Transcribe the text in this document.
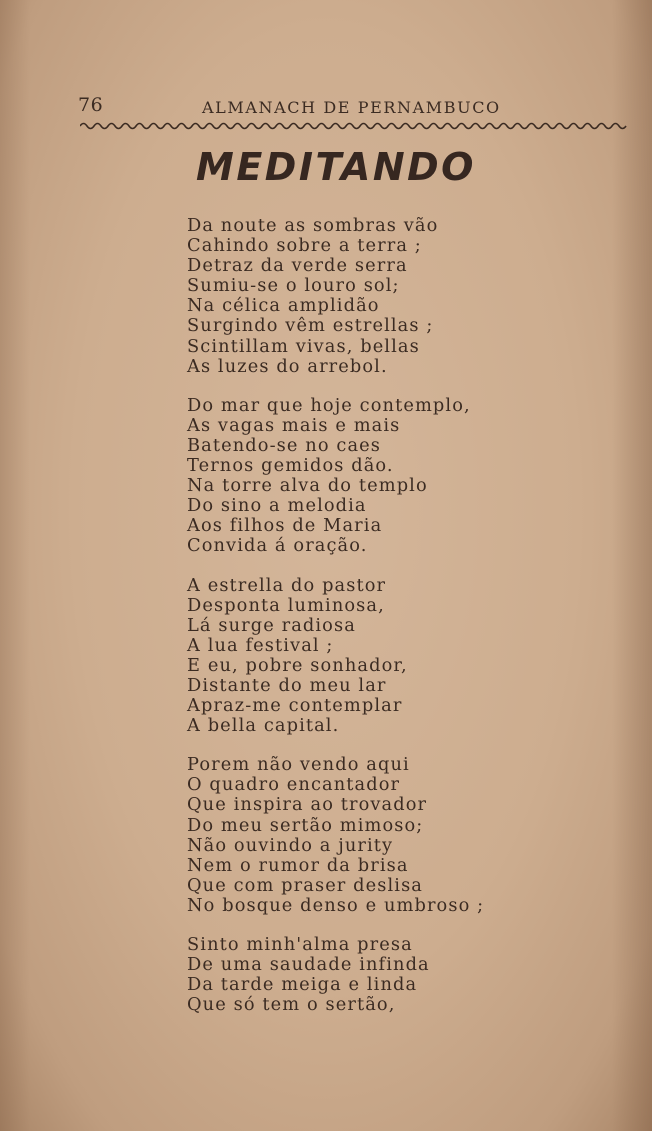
76	ALMANACH DE PERNAMBUCO
MEDITANDO
Da noute as sombras vão
Cahindo sobre a terra ;
Detraz da verde serra
Sumiu-se o louro sol;
Na célica amplidão
Surgindo vêm estrellas ;
Scintillam vivas, bellas
As luzes do arrebol.
Do mar que hoje contemplo,
As vagas mais e mais
Batendo-se no caes
Ternos gemidos dão.
Na torre alva do templo
Do sino a melodia
Aos filhos de Maria
Convida á oração.
A estrella do pastor
Desponta luminosa,
Lá surge radiosa
A lua festival ;
E eu, pobre sonhador,
Distante do meu lar
Apraz-me contemplar
A bella capital.
Porem não vendo aqui
O quadro encantador
Que inspira ao trovador
Do meu sertão mimoso;
Não ouvindo a jurity
Nem o rumor da brisa
Que com praser deslisa
No bosque denso e umbroso ;
Sinto minh'alma presa
De uma saudade infinda
Da tarde meiga e linda
Que só tem o sertão,
